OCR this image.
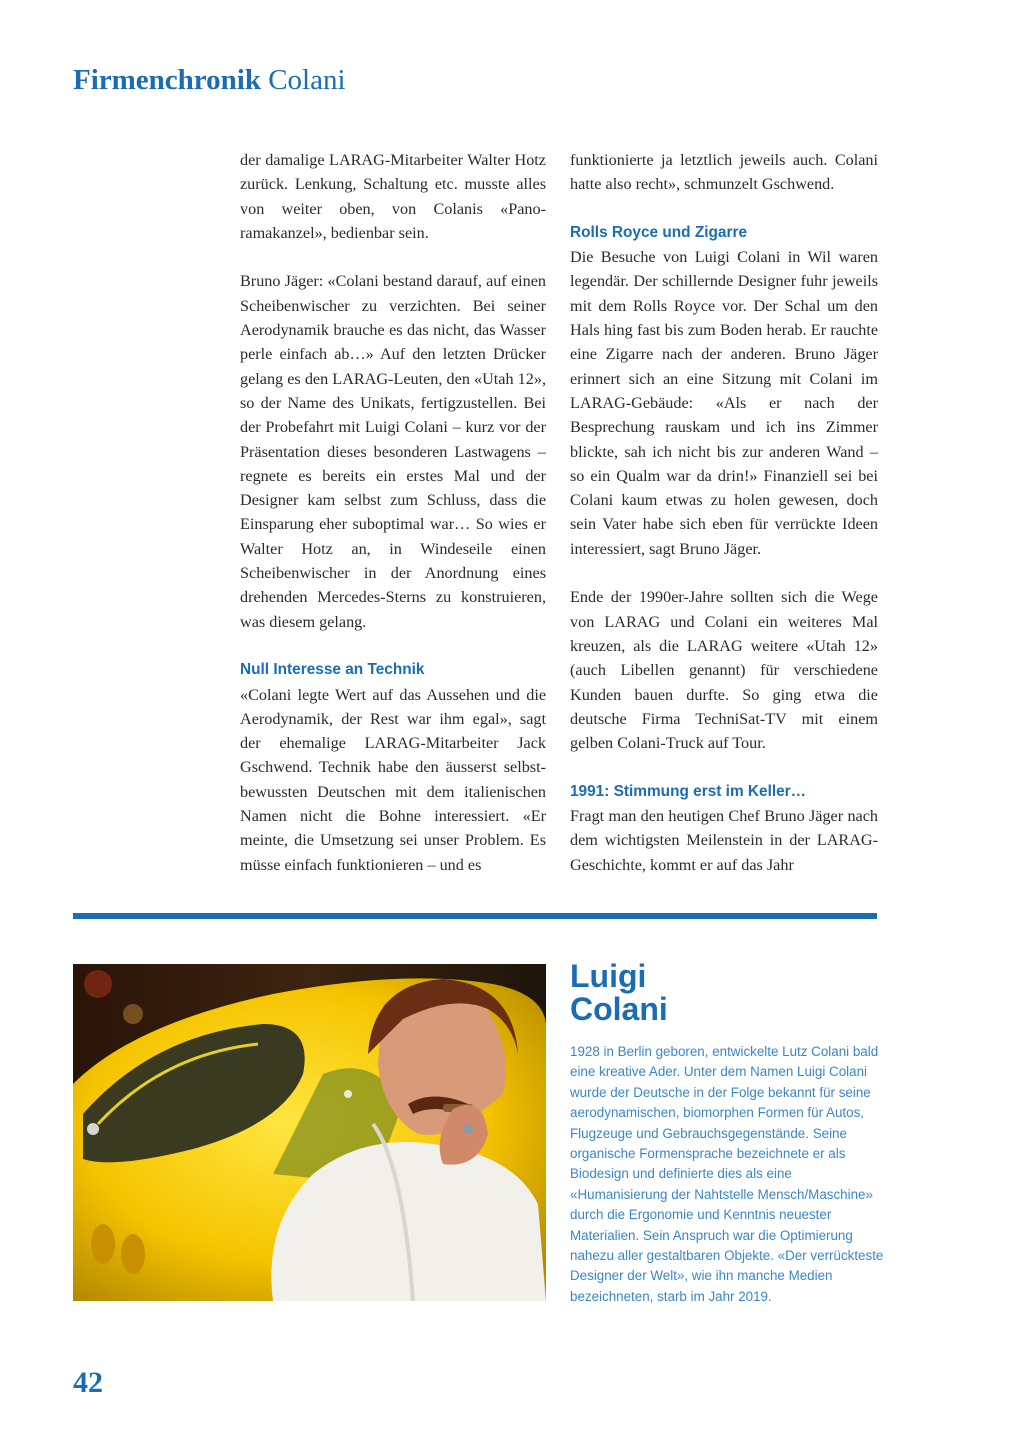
Firmenchronik Colani

der damalige LARAG-Mitarbeiter Walter Hotz zurück. Lenkung, Schaltung etc. musste alles von weiter oben, von Colanis «Panoramakanzel», bedienbar sein.

Bruno Jäger: «Colani bestand darauf, auf einen Scheibenwischer zu verzichten. Bei seiner Aerodynamik brauche es das nicht, das Wasser perle einfach ab…» Auf den letzten Drücker gelang es den LARAG-Leuten, den «Utah 12», so der Name des Unikats, fertigzustellen. Bei der Probefahrt mit Luigi Colani – kurz vor der Präsentation dieses besonderen Lastwagens – regnete es bereits ein erstes Mal und der Designer kam selbst zum Schluss, dass die Einsparung eher suboptimal war… So wies er Walter Hotz an, in Windeseile einen Scheibenwischer in der Anordnung eines drehenden Mercedes-Sterns zu konstruieren, was diesem gelang.

Null Interesse an Technik

«Colani legte Wert auf das Aussehen und die Aerodynamik, der Rest war ihm egal», sagt der ehemalige LARAG-Mitarbeiter Jack Gschwend. Technik habe den äusserst selbstbewussten Deutschen mit dem italienischen Namen nicht die Bohne interessiert. «Er meinte, die Umsetzung sei unser Problem. Es müsse einfach funktionieren – und es

funktionierte ja letztlich jeweils auch. Colani hatte also recht», schmunzelt Gschwend.

Rolls Royce und Zigarre

Die Besuche von Luigi Colani in Wil waren legendär. Der schillernde Designer fuhr jeweils mit dem Rolls Royce vor. Der Schal um den Hals hing fast bis zum Boden herab. Er rauchte eine Zigarre nach der anderen. Bruno Jäger erinnert sich an eine Sitzung mit Colani im LARAG-Gebäude: «Als er nach der Besprechung rauskam und ich ins Zimmer blickte, sah ich nicht bis zur anderen Wand – so ein Qualm war da drin!» Finanziell sei bei Colani kaum etwas zu holen gewesen, doch sein Vater habe sich eben für verrückte Ideen interessiert, sagt Bruno Jäger.

Ende der 1990er-Jahre sollten sich die Wege von LARAG und Colani ein weiteres Mal kreuzen, als die LARAG weitere «Utah 12» (auch Libellen genannt) für verschiedene Kunden bauen durfte. So ging etwa die deutsche Firma TechniSat-TV mit einem gelben Colani-Truck auf Tour.

1991: Stimmung erst im Keller…

Fragt man den heutigen Chef Bruno Jäger nach dem wichtigsten Meilenstein in der LARAG-Geschichte, kommt er auf das Jahr

Luigi
Colani

1928 in Berlin geboren, entwickelte Lutz Colani bald eine kreative Ader. Unter dem Namen Luigi Colani wurde der Deutsche in der Folge bekannt für seine aerodynamischen, biomorphen Formen für Autos, Flugzeuge und Gebrauchsgegenstände. Seine organische Formensprache bezeichnete er als Biodesign und definierte dies als eine «Humanisierung der Nahtstelle Mensch/Maschine» durch die Ergonomie und Kenntnis neuester Materialien. Sein Anspruch war die Optimierung nahezu aller gestaltbaren Objekte. «Der verrückteste Designer der Welt», wie ihn manche Medien bezeichneten, starb im Jahr 2019.

42
